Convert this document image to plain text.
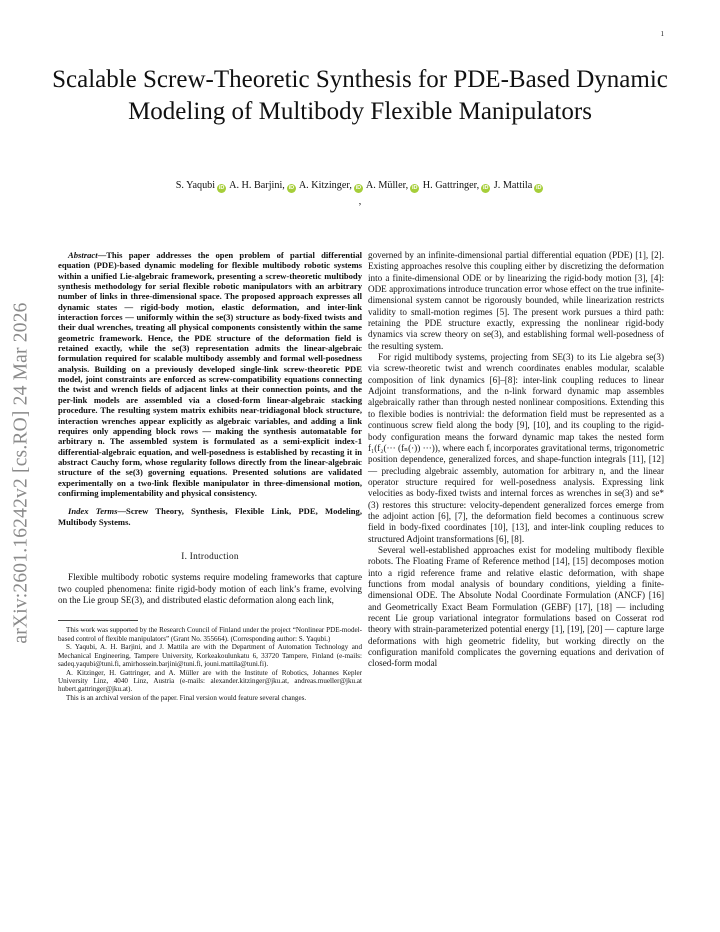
1
arXiv:2601.16242v2 [cs.RO] 24 Mar 2026
Scalable Screw-Theoretic Synthesis for PDE-Based Dynamic Modeling of Multibody Flexible Manipulators
S. Yaqubi iD A. H. Barjini, iD A. Kitzinger, iD A. Müller, iD H. Gattringer, iD J. Mattila iD
,

Abstract—This paper addresses the open problem of partial differential equation (PDE)-based dynamic modeling for flexible multibody robotic systems within a unified Lie-algebraic framework, presenting a screw-theoretic multibody synthesis methodology for serial flexible robotic manipulators with an arbitrary number of links in three-dimensional space. The proposed approach expresses all dynamic states — rigid-body motion, elastic deformation, and inter-link interaction forces — uniformly within the se(3) structure as body-fixed twists and their dual wrenches, treating all physical components consistently within the same geometric framework. Hence, the PDE structure of the deformation field is retained exactly, while the se(3) representation admits the linear-algebraic formulation required for scalable multibody assembly and formal well-posedness analysis. Building on a previously developed single-link screw-theoretic PDE model, joint constraints are enforced as screw-compatibility equations connecting the twist and wrench fields of adjacent links at their connection points, and the per-link models are assembled via a closed-form linear-algebraic stacking procedure. The resulting system matrix exhibits near-tridiagonal block structure, interaction wrenches appear explicitly as algebraic variables, and adding a link requires only appending block rows — making the synthesis automatable for arbitrary n. The assembled system is formulated as a semi-explicit index-1 differential-algebraic equation, and well-posedness is established by recasting it in abstract Cauchy form, whose regularity follows directly from the linear-algebraic structure of the se(3) governing equations. Presented solutions are validated experimentally on a two-link flexible manipulator in three-dimensional motion, confirming implementability and physical consistency.

Index Terms—Screw Theory, Synthesis, Flexible Link, PDE, Modeling, Multibody Systems.

I. Introduction

Flexible multibody robotic systems require modeling frameworks that capture two coupled phenomena: finite rigid-body motion of each link’s frame, evolving on the Lie group SE(3), and distributed elastic deformation along each link,

This work was supported by the Research Council of Finland under the project “Nonlinear PDE-model-based control of flexible manipulators” (Grant No. 355664). (Corresponding author: S. Yaqubi.)

S. Yaqubi, A. H. Barjini, and J. Mattila are with the Department of Automation Technology and Mechanical Engineering, Tampere University, Korkeakoulunkatu 6, 33720 Tampere, Finland (e-mails: sadeq.yaqubi@tuni.fi, amirhossein.barjini@tuni.fi, jouni.mattila@tuni.fi).

A. Kitzinger, H. Gattringer, and A. Müller are with the Institute of Robotics, Johannes Kepler University Linz, 4040 Linz, Austria (e-mails: alexander.kitzinger@jku.at, andreas.mueller@jku.at hubert.gattringer@jku.at).

This is an archival version of the paper. Final version would feature several changes.

governed by an infinite-dimensional partial differential equation (PDE) [1], [2]. Existing approaches resolve this coupling either by discretizing the deformation into a finite-dimensional ODE or by linearizing the rigid-body motion [3], [4]: ODE approximations introduce truncation error whose effect on the true infinite-dimensional system cannot be rigorously bounded, while linearization restricts validity to small-motion regimes [5]. The present work pursues a third path: retaining the PDE structure exactly, expressing the nonlinear rigid-body dynamics via screw theory on se(3), and establishing formal well-posedness of the resulting system.

For rigid multibody systems, projecting from SE(3) to its Lie algebra se(3) via screw-theoretic twist and wrench coordinates enables modular, scalable composition of link dynamics [6]–[8]: inter-link coupling reduces to linear Adjoint transformations, and the n-link forward dynamic map assembles algebraically rather than through nested nonlinear compositions. Extending this to flexible bodies is nontrivial: the deformation field must be represented as a continuous screw field along the body [9], [10], and its coupling to the rigid-body configuration means the forward dynamic map takes the nested form f₁(f₂(··· (fₙ(·)) ···)), where each fᵢ incorporates gravitational terms, trigonometric position dependence, generalized forces, and shape-function integrals [11], [12] — precluding algebraic assembly, automation for arbitrary n, and the linear operator structure required for well-posedness analysis. Expressing link velocities as body-fixed twists and internal forces as wrenches in se(3) and se*(3) restores this structure: velocity-dependent generalized forces emerge from the adjoint action [6], [7], the deformation field becomes a continuous screw field in body-fixed coordinates [10], [13], and inter-link coupling reduces to structured Adjoint transformations [6], [8].

Several well-established approaches exist for modeling multibody flexible robots. The Floating Frame of Reference method [14], [15] decomposes motion into a rigid reference frame and relative elastic deformation, with shape functions from modal analysis of boundary conditions, yielding a finite-dimensional ODE. The Absolute Nodal Coordinate Formulation (ANCF) [16] and Geometrically Exact Beam Formulation (GEBF) [17], [18] — including recent Lie group variational integrator formulations based on Cosserat rod theory with strain-parameterized potential energy [1], [19], [20] — capture large deformations with high geometric fidelity, but working directly on the configuration manifold complicates the governing equations and derivation of closed-form modal
